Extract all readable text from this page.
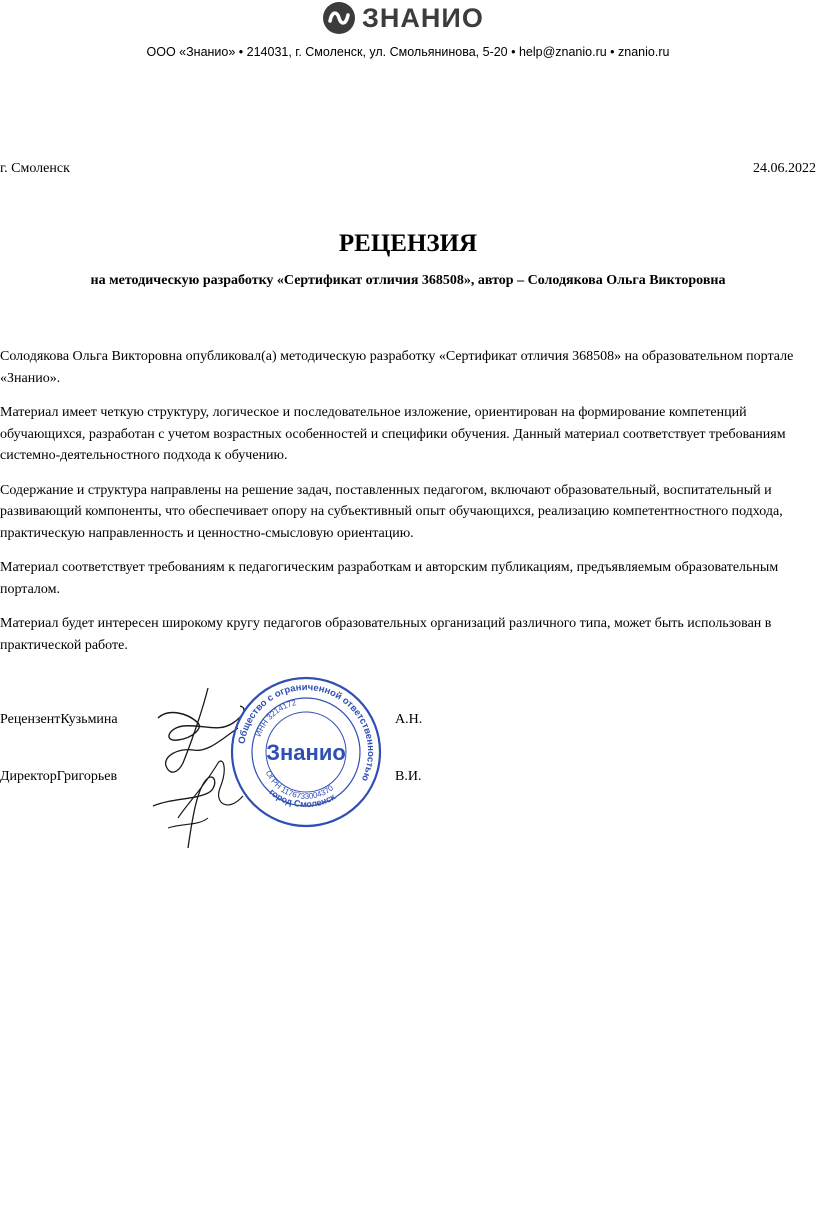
ЗНАНИО
ООО «Знанио» • 214031, г. Смоленск, ул. Смольянинова, 5-20 • help@znanio.ru • znanio.ru
г. Смоленск	24.06.2022
РЕЦЕНЗИЯ
на методическую разработку «Сертификат отличия 368508», автор – Солодякова Ольга Викторовна

Солодякова Ольга Викторовна опубликовал(а) методическую разработку «Сертификат отличия 368508» на образовательном портале «Знанио».

Материал имеет четкую структуру, логическое и последовательное изложение, ориентирован на формирование компетенций обучающихся, разработан с учетом возрастных особенностей и специфики обучения. Данный материал соответствует требованиям системно-деятельностного подхода к обучению.

Содержание и структура направлены на решение задач, поставленных педагогом, включают образовательный, воспитательный и развивающий компоненты, что обеспечивает опору на субъективный опыт обучающихся, реализацию компетентностного подхода, практическую направленность и ценностно-смысловую ориентацию.

Материал соответствует требованиям к педагогическим разработкам и авторским публикациям, предъявляемым образовательным порталом.

Материал будет интересен широкому кругу педагогов образовательных организаций различного типа, может быть использован в практической работе.

РецензентКузьмина	А.Н.
ДиректорГригорьев	В.И.
Общество с ограниченной ответственностью
ИНН 3214172
ОГРН 1176733004370
город Смоленск
Знанио
